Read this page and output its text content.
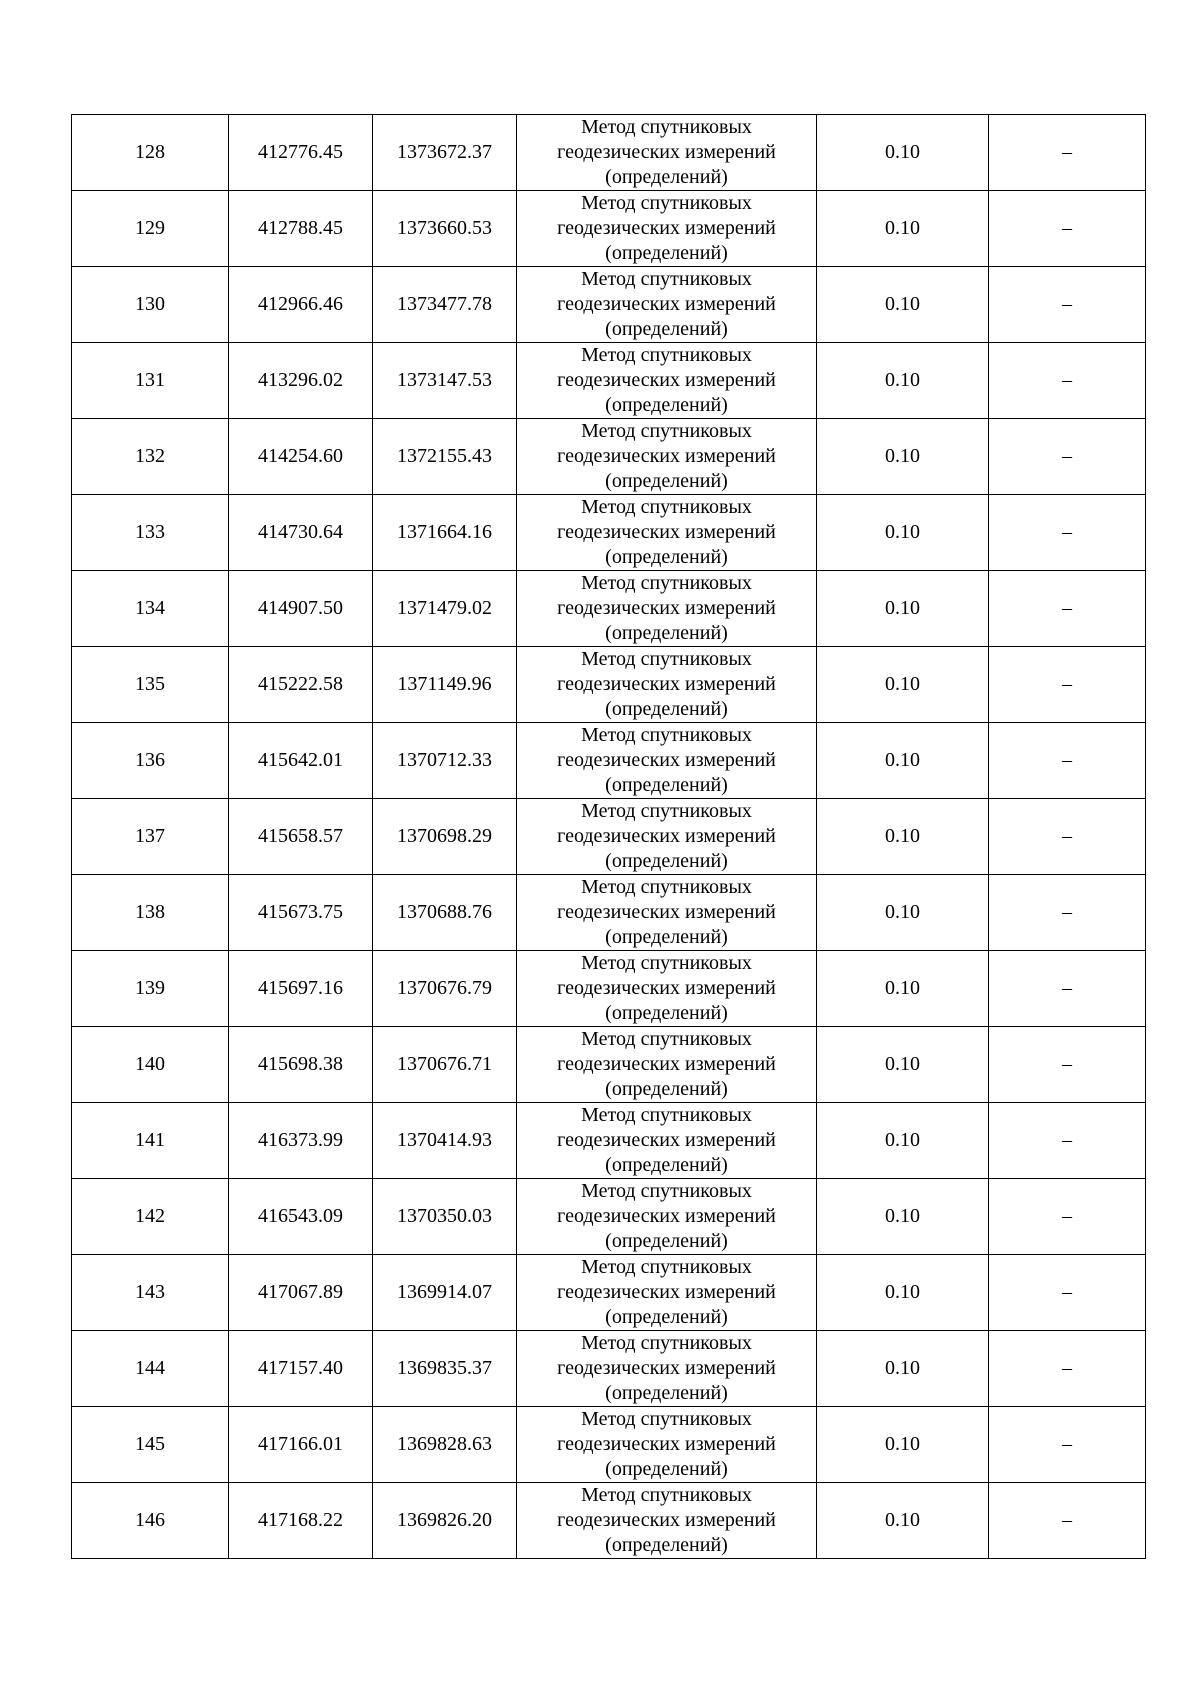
128	412776.45	1373672.37	Метод спутниковых геодезических измерений (определений)	0.10	–
129	412788.45	1373660.53	Метод спутниковых геодезических измерений (определений)	0.10	–
130	412966.46	1373477.78	Метод спутниковых геодезических измерений (определений)	0.10	–
131	413296.02	1373147.53	Метод спутниковых геодезических измерений (определений)	0.10	–
132	414254.60	1372155.43	Метод спутниковых геодезических измерений (определений)	0.10	–
133	414730.64	1371664.16	Метод спутниковых геодезических измерений (определений)	0.10	–
134	414907.50	1371479.02	Метод спутниковых геодезических измерений (определений)	0.10	–
135	415222.58	1371149.96	Метод спутниковых геодезических измерений (определений)	0.10	–
136	415642.01	1370712.33	Метод спутниковых геодезических измерений (определений)	0.10	–
137	415658.57	1370698.29	Метод спутниковых геодезических измерений (определений)	0.10	–
138	415673.75	1370688.76	Метод спутниковых геодезических измерений (определений)	0.10	–
139	415697.16	1370676.79	Метод спутниковых геодезических измерений (определений)	0.10	–
140	415698.38	1370676.71	Метод спутниковых геодезических измерений (определений)	0.10	–
141	416373.99	1370414.93	Метод спутниковых геодезических измерений (определений)	0.10	–
142	416543.09	1370350.03	Метод спутниковых геодезических измерений (определений)	0.10	–
143	417067.89	1369914.07	Метод спутниковых геодезических измерений (определений)	0.10	–
144	417157.40	1369835.37	Метод спутниковых геодезических измерений (определений)	0.10	–
145	417166.01	1369828.63	Метод спутниковых геодезических измерений (определений)	0.10	–
146	417168.22	1369826.20	Метод спутниковых геодезических измерений (определений)	0.10	–
